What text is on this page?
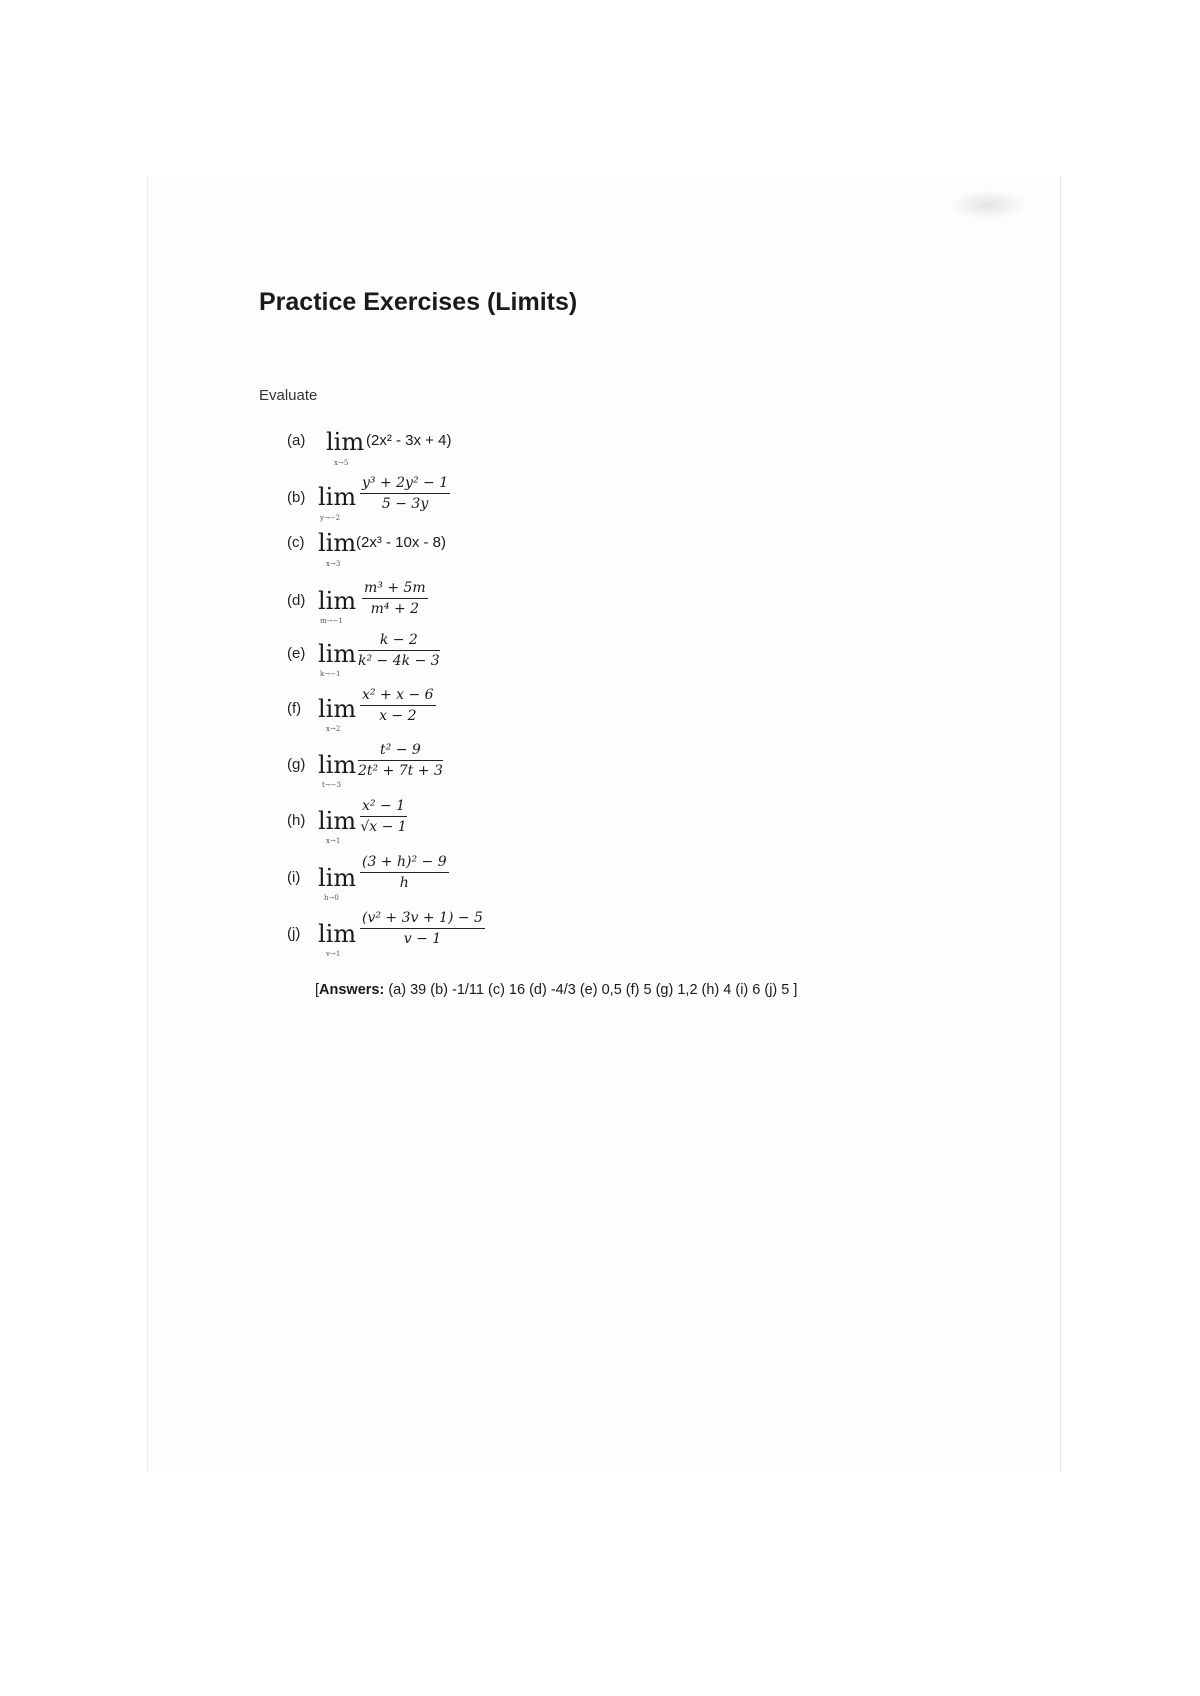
Practice Exercises (Limits)
Evaluate
(a) lim
x→5
(2x² - 3x + 4)
(b) lim
y→−2
$\frac{\text{y³ + 2y² − 1}}{5 - 3y}$
(c) lim
x→3
(2x³ - 10x - 8)
(d) lim
m→−1
$\frac{\text{m³ + 5m}}{\text{m⁴ + 2}}$
(e) lim
k→−1
$\frac{k - 2}{\text{k² − 4k − 3}}$
(f) lim
x→2
$\frac{\text{x² + x − 6}}{x - 2}$
(g) lim
t→−3
$\frac{\text{t² − 9}}{\text{2t² + 7t + 3}}$
(h) lim
x→1
$\frac{\text{x² − 1}}{√x - 1}$
(i) lim
h→0
$\frac{\text{(3 + h)² − 9}}{h}$
(j) lim
v→1
$\frac{\text{(v² + 3v + 1) − 5}}{v - 1}$
[Answers: (a) 39 (b) -1/11 (c) 16 (d) -4/3 (e) 0,5 (f) 5 (g) 1,2 (h) 4 (i) 6 (j) 5 ]
